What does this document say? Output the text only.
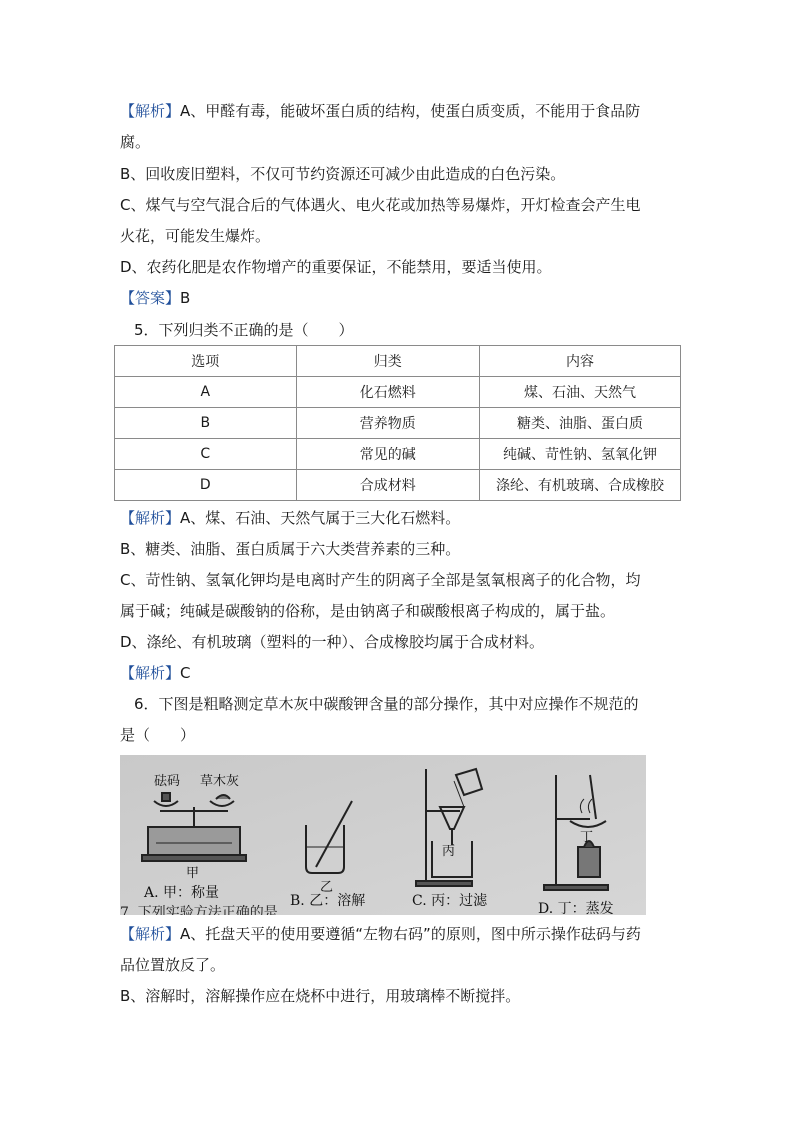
【解析】A、甲醛有毒，能破坏蛋白质的结构，使蛋白质变质，不能用于食品防
腐。
B、回收废旧塑料，不仅可节约资源还可减少由此造成的白色污染。
C、煤气与空气混合后的气体遇火、电火花或加热等易爆炸，开灯检查会产生电
火花，可能发生爆炸。
D、农药化肥是农作物增产的重要保证，不能禁用，要适当使用。
【答案】B
5．下列归类不正确的是（　　）
选项	归类	内容
A	化石燃料	煤、石油、天然气
B	营养物质	糖类、油脂、蛋白质
C	常见的碱	纯碱、苛性钠、氢氧化钾
D	合成材料	涤纶、有机玻璃、合成橡胶
【解析】A、煤、石油、天然气属于三大化石燃料。
B、糖类、油脂、蛋白质属于六大类营养素的三种。
C、苛性钠、氢氧化钾均是电离时产生的阴离子全部是氢氧根离子的化合物，均
属于碱；纯碱是碳酸钠的俗称，是由钠离子和碳酸根离子构成的，属于盐。
D、涤纶、有机玻璃（塑料的一种）、合成橡胶均属于合成材料。
【解析】C
6．下图是粗略测定草木灰中碳酸钾含量的部分操作，其中对应操作不规范的
是（　　）
砝码 草木灰
甲
乙
丙
丁
A. 甲：称量	B. 乙：溶解	C. 丙：过滤	D. 丁：蒸发
7. 下列实验方法正确的是
【解析】A、托盘天平的使用要遵循“左物右码”的原则，图中所示操作砝码与药
品位置放反了。
B、溶解时，溶解操作应在烧杯中进行，用玻璃棒不断搅拌。
